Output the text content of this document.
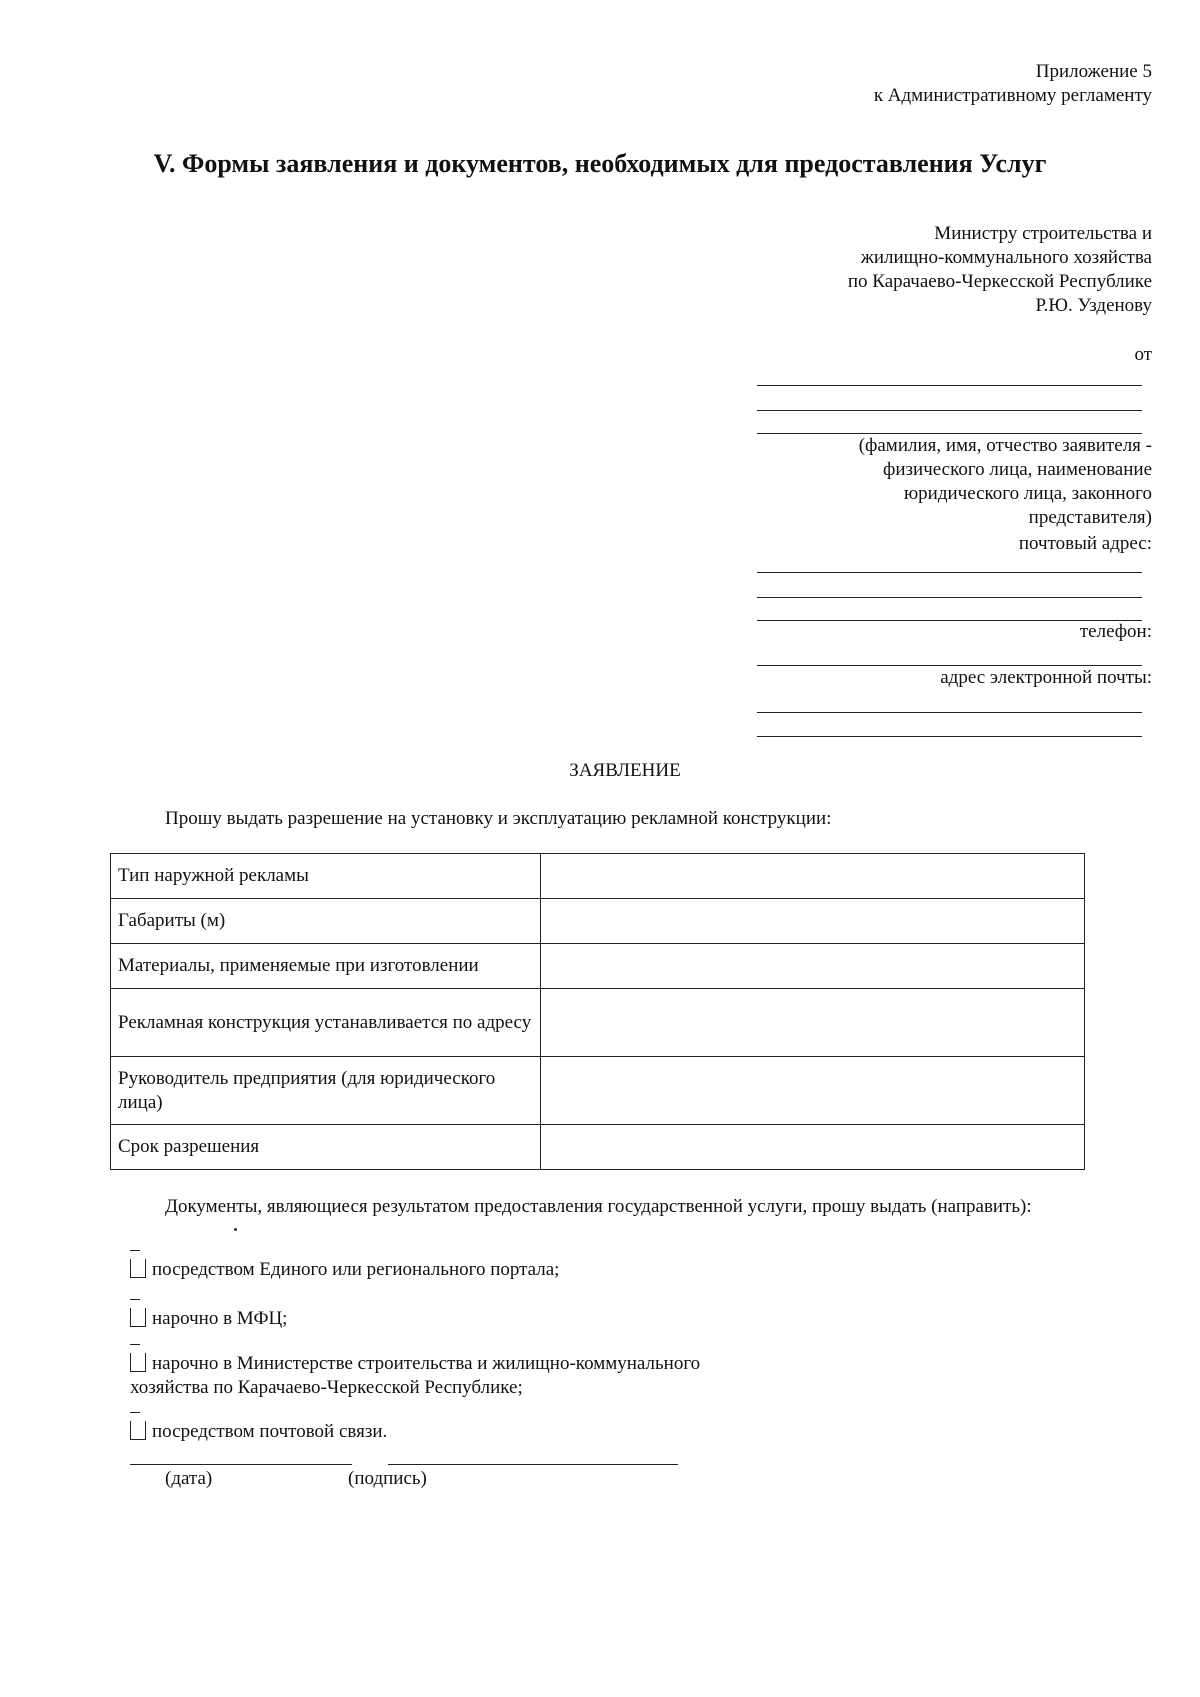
Приложение 5
к Административному регламенту
V. Формы заявления и документов, необходимых для предоставления Услуг
Министру строительства и
жилищно-коммунального хозяйства
по Карачаево-Черкесской Республике
Р.Ю. Узденову
от
(фамилия, имя, отчество заявителя -
физического лица, наименование
юридического лица, законного
представителя)
почтовый адрес:
телефон:
адрес электронной почты:
ЗАЯВЛЕНИЕ
Прошу выдать разрешение на установку и эксплуатацию рекламной конструкции:
Тип наружной рекламы	
Габариты (м)	
Материалы, применяемые при изготовлении	
Рекламная конструкция устанавливается по адресу	
Руководитель предприятия (для юридического лица)	
Срок разрешения	
Документы, являющиеся результатом предоставления государственной услуги, прошу выдать (направить):
посредством Единого или регионального портала;
нарочно в МФЦ;
нарочно в Министерстве строительства и жилищно-коммунального
хозяйства по Карачаево-Черкесской Республике;
посредством почтовой связи.
(дата)	(подпись)
